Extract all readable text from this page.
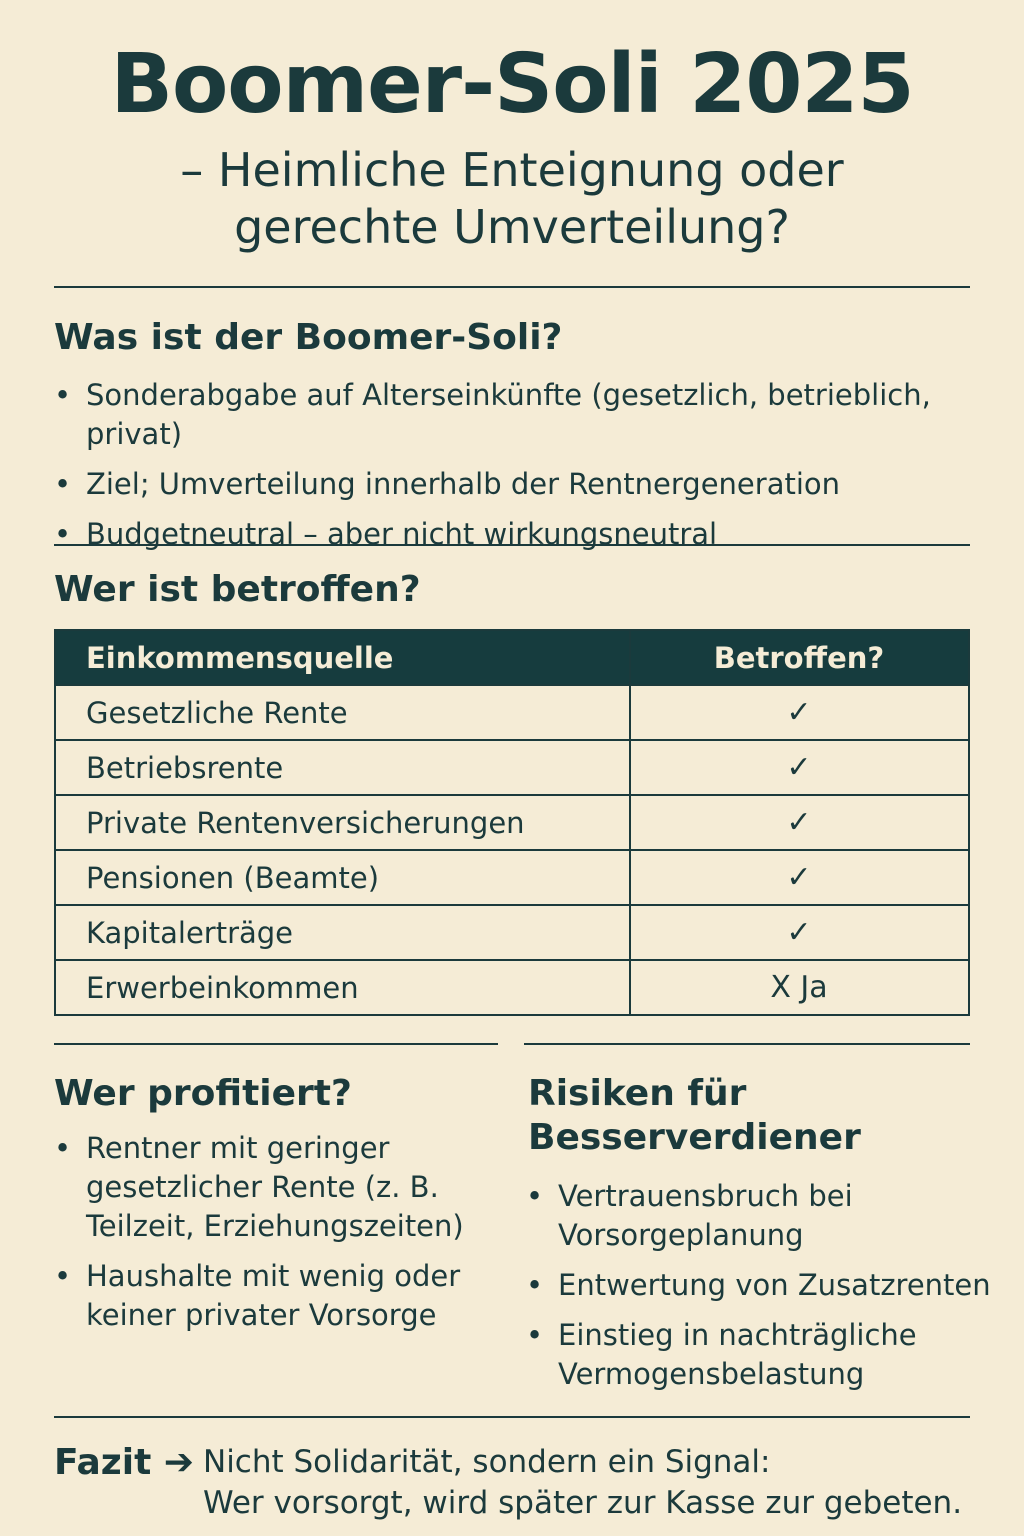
Boomer-Soli 2025
– Heimliche Enteignung oder
gerechte Umverteilung?
Was ist der Boomer-Soli?
• Sonderabgabe auf Alterseinkünfte (gesetzlich, betrieblich, privat)
• Ziel; Umverteilung innerhalb der Rentnergeneration
• Budgetneutral – aber nicht wirkungsneutral
Wer ist betroffen?
Einkommensquelle	Betroffen?
Gesetzliche Rente	✓
Betriebsrente	✓
Private Rentenversicherungen	✓
Pensionen (Beamte)	✓
Kapitalerträge	✓
Erwerbeinkommen	X Ja
Wer profitiert?
• Rentner mit geringer gesetzlicher Rente (z. B. Teilzeit, Erziehungszeiten)
• Haushalte mit wenig oder keiner privater Vorsorge
Risiken für Besserverdiener
• Vertrauensbruch bei Vorsorgeplanung
• Entwertung von Zusatzrenten
• Einstieg in nachträgliche Vermogensbelastung
Fazit ➔ Nicht Solidarität, sondern ein Signal:
Wer vorsorgt, wird später zur Kasse zur gebeten.
